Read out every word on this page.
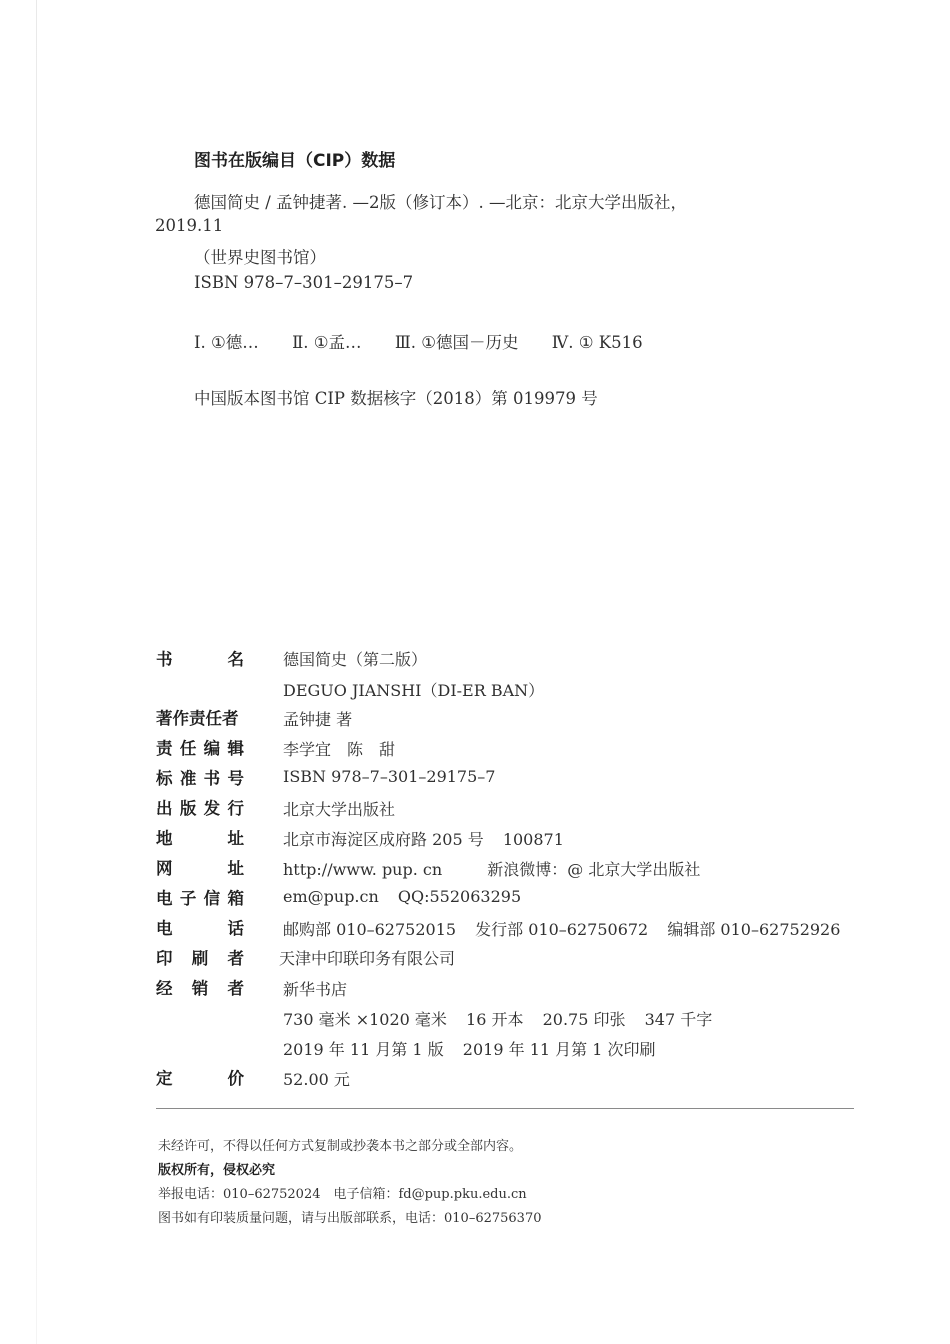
图书在版编目（CIP）数据
德国简史 / 孟钟捷著. —2版（修订本）. —北京：北京大学出版社，
2019.11
（世界史图书馆）
ISBN 978–7–301–29175–7
Ⅰ. ①德… Ⅱ. ①孟… Ⅲ. ①德国－历史 Ⅳ. ① K516
中国版本图书馆 CIP 数据核字（2018）第 019979 号
书	名 德国简史（第二版）
DEGUO JIANSHI（DI-ER BAN）
著作责任者	孟钟捷 著
责 任 编 辑 李学宜　陈　甜
标 准 书 号 ISBN 978–7–301–29175–7
出 版 发 行 北京大学出版社
地	址 北京市海淀区成府路 205 号 100871
网	址 http://www. pup. cn	新浪微博：@ 北京大学出版社
电 子 信 箱 em@pup.cn QQ:552063295
电	话 邮购部 010–62752015 发行部 010–62750672 编辑部 010–62752926
印 刷 者 天津中印联印务有限公司
经 销 者 新华书店
730 毫米 ×1020 毫米 16 开本 20.75 印张 347 千字
2019 年 11 月第 1 版 2019 年 11 月第 1 次印刷
定	价 52.00 元
未经许可，不得以任何方式复制或抄袭本书之部分或全部内容。
版权所有，侵权必究
举报电话：010–62752024　电子信箱：fd@pup.pku.edu.cn
图书如有印装质量问题，请与出版部联系，电话：010–62756370
